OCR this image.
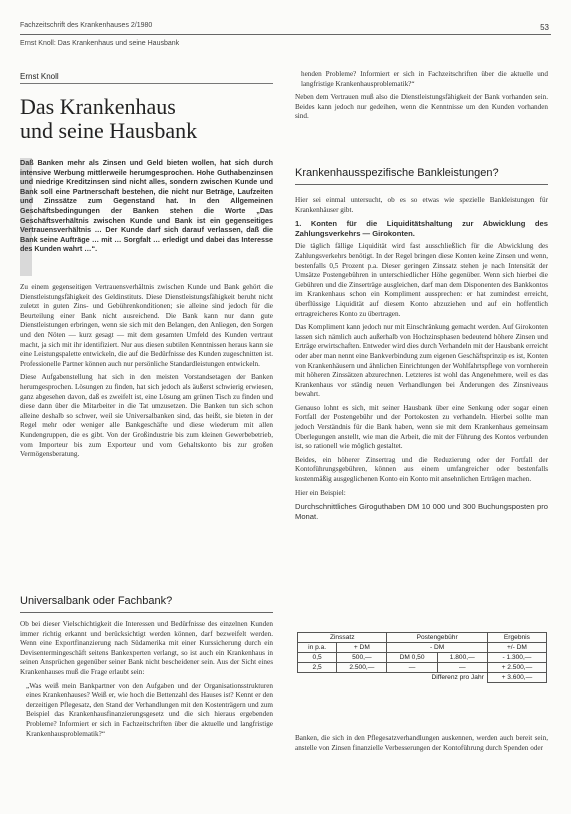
Fachzeitschrift des Krankenhauses 2/1980
Ernst Knoll: Das Krankenhaus und seine Hausbank
53
Ernst Knoll
Das Krankenhaus
und seine Hausbank
Daß Banken mehr als Zinsen und Geld bieten wollen, hat sich durch intensive Werbung mittlerweile herumgesprochen. Hohe Guthabenzinsen und niedrige Kreditzinsen sind nicht alles, sondern zwischen Kunde und Bank soll eine Partnerschaft bestehen, die nicht nur Beträge, Laufzeiten und Zinssätze zum Gegenstand hat. In den Allgemeinen Geschäftsbedingungen der Banken stehen die Worte „Das Geschäftsverhältnis zwischen Kunde und Bank ist ein gegenseitiges Vertrauensverhältnis … Der Kunde darf sich darauf verlassen, daß die Bank seine Aufträge … mit … Sorgfalt … erledigt und dabei das Interesse des Kunden wahrt …“.

Zu einem gegenseitigen Vertrauensverhältnis zwischen Kunde und Bank gehört die Dienstleistungsfähigkeit des Geldinstituts. Diese Dienstleistungsfähigkeit beruht nicht zuletzt in guten Zins- und Gebührenkonditionen; sie alleine sind jedoch für die Beurteilung einer Bank nicht ausreichend. Die Bank kann nur dann gute Dienstleistungen erbringen, wenn sie sich mit den Belangen, den Anliegen, den Sorgen und den Nöten — kurz gesagt — mit dem gesamten Umfeld des Kunden vertraut macht, ja sich mit ihr identifiziert. Nur aus diesen subtilen Kenntnissen heraus kann sie eine Leistungspalette entwickeln, die auf die Bedürfnisse des Kunden zugeschnitten ist. Professionelle Partner können auch nur persönliche Standardleistungen entwickeln.

Diese Aufgabenstellung hat sich in den meisten Vorstandsetagen der Banken herumgesprochen. Lösungen zu finden, hat sich jedoch als äußerst schwierig erwiesen, ganz abgesehen davon, daß es zweifelt ist, eine Lösung am grünen Tisch zu finden und diese dann über die Mitarbeiter in die Tat umzusetzen. Die Banken tun sich schon alleine deshalb so schwer, weil sie Universalbanken sind, das heißt, sie bieten in der Regel mehr oder weniger alle Bankgeschäfte und diese wiederum mit allen Kundengruppen, die es gibt. Von der Großindustrie bis zum kleinen Gewerbebetrieb, vom Importeur bis zum Exporteur und vom Gehaltskonto bis zur großen Vermögensberatung.

Universalbank oder Fachbank?

Ob bei dieser Vielschichtigkeit die Interessen und Bedürfnisse des einzelnen Kunden immer richtig erkannt und berücksichtigt werden können, darf bezweifelt werden. Wenn eine Exportfinanzierung nach Südamerika mit einer Kurssicherung durch ein Devisentermingeschäft seitens Bankexperten verlangt, so ist auch ein Krankenhaus in seinen Ansprüchen gegenüber seiner Bank nicht bescheidener sein. Aus der Sicht eines Krankenhauses muß die Frage erlaubt sein:

„Was weiß mein Bankpartner von den Aufgaben und der Organisationsstrukturen eines Krankenhauses? Weiß er, wie hoch die Bettenzahl des Hauses ist? Kennt er den derzeitigen Pflegesatz, den Stand der Verhandlungen mit den Kostenträgern und zum Beispiel das Krankenhausfinanzierungsgesetz und die sich hieraus ergebenden Probleme? Informiert er sich in Fachzeitschriften über die aktuelle und langfristige Krankenhausproblematik?“

henden Probleme? Informiert er sich in Fachzeitschriften über die aktuelle und langfristige Krankenhausproblematik?“

Neben dem Vertrauen muß also die Dienstleistungsfähigkeit der Bank vorhanden sein. Beides kann jedoch nur gedeihen, wenn die Kenntnisse um den Kunden vorhanden sind.

Krankenhausspezifische Bankleistungen?

Hier sei einmal untersucht, ob es so etwas wie spezielle Bankleistungen für Krankenhäuser gibt.

1. Konten für die Liquiditätshaltung zur Abwicklung des Zahlungsverkehrs — Girokonten.

Die täglich fällige Liquidität wird fast ausschließlich für die Abwicklung des Zahlungsverkehrs benötigt. In der Regel bringen diese Konten keine Zinsen und wenn, bestenfalls 0,5 Prozent p.a. Dieser geringen Zinssatz stehen je nach Intensität der Umsätze Postengebühren in unterschiedlicher Höhe gegenüber. Wenn sich hierbei die Gebühren und die Zinserträge ausgleichen, darf man dem Disponenten des Bankkontos im Krankenhaus schon ein Kompliment aussprechen: er hat zumindest erreicht, überflüssige Liquidität auf diesem Konto abzuziehen und auf ein hoffentlich ertragreicheres Konto zu übertragen.

Das Kompliment kann jedoch nur mit Einschränkung gemacht werden. Auf Girokonten lassen sich nämlich auch außerhalb von Hochzinsphasen bedeutend höhere Zinsen und Erträge erwirtschaften. Entweder wird dies durch Verhandeln mit der Hausbank erreicht oder aber man nennt eine Bankverbindung zum eigenen Geschäftsprinzip es ist, Konten von Krankenhäusern und ähnlichen Einrichtungen der Wohlfahrtspflege von vornherein mit höheren Zinssätzen abzurechnen. Letzteres ist wohl das Angenehmere, weil es das Krankenhaus vor ständig neuen Verhandlungen bei Änderungen des Zinsniveaus bewahrt.

Genauso lohnt es sich, mit seiner Hausbank über eine Senkung oder sogar einen Fortfall der Postengebühr und der Portokosten zu verhandeln. Hierbei sollte man jedoch Verständnis für die Bank haben, wenn sie mit dem Krankenhaus gemeinsam Überlegungen anstellt, wie man die Arbeit, die mit der Führung des Kontos verbunden ist, so rationell wie möglich gestaltet.

Beides, ein höherer Zinsertrag und die Reduzierung oder der Fortfall der Kontoführungsgebühren, können aus einem umfangreicher oder bestenfalls kostenmäßig ausgeglichenen Konto ein Konto mit ansehnlichen Erträgen machen.

Hier ein Beispiel:

Durchschnittliches Giroguthaben DM 10 000 und 300 Buchungsposten pro Monat.

Zinssatz		Postengebühr		Ergebnis
in p.a.	+ DM	- DM		+/- DM
0,5	500,—	DM 0,50	1.800,—	- 1.300,—
2,5	2.500,—	—	—	+ 2.500,—
Differenz pro Jahr				+ 3.600,—

Banken, die sich in den Pflegesatzverhandlungen auskennen, werden auch bereit sein, anstelle von Zinsen finanzielle Verbesserungen der Kontoführung durch Spenden oder
